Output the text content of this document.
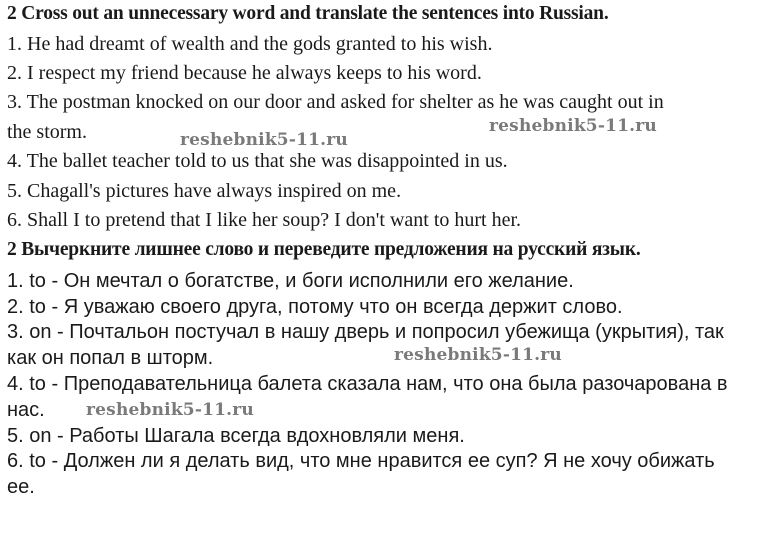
2 Cross out an unnecessary word and translate the sentences into Russian.
1. He had dreamt of wealth and the gods granted to his wish.
2. I respect my friend because he always keeps to his word.
3. The postman knocked on our door and asked for shelter as he was caught out in
the storm.
4. The ballet teacher told to us that she was disappointed in us.
5. Chagall's pictures have always inspired on me.
6. Shall I to pretend that I like her soup? I don't want to hurt her.
2 Вычеркните лишнее слово и переведите предложения на русский язык.
1. to - Он мечтал о богатстве, и боги исполнили его желание.
2. to - Я уважаю своего друга, потому что он всегда держит слово.
3. on - Почтальон постучал в нашу дверь и попросил убежища (укрытия), так
как он попал в шторм.
4. to - Преподавательница балета сказала нам, что она была разочарована в
нас.
5. on - Работы Шагала всегда вдохновляли меня.
6. to - Должен ли я делать вид, что мне нравится ее суп? Я не хочу обижать
ее.
reshebnik5-11.ru
reshebnik5-11.ru
reshebnik5-11.ru
reshebnik5-11.ru
